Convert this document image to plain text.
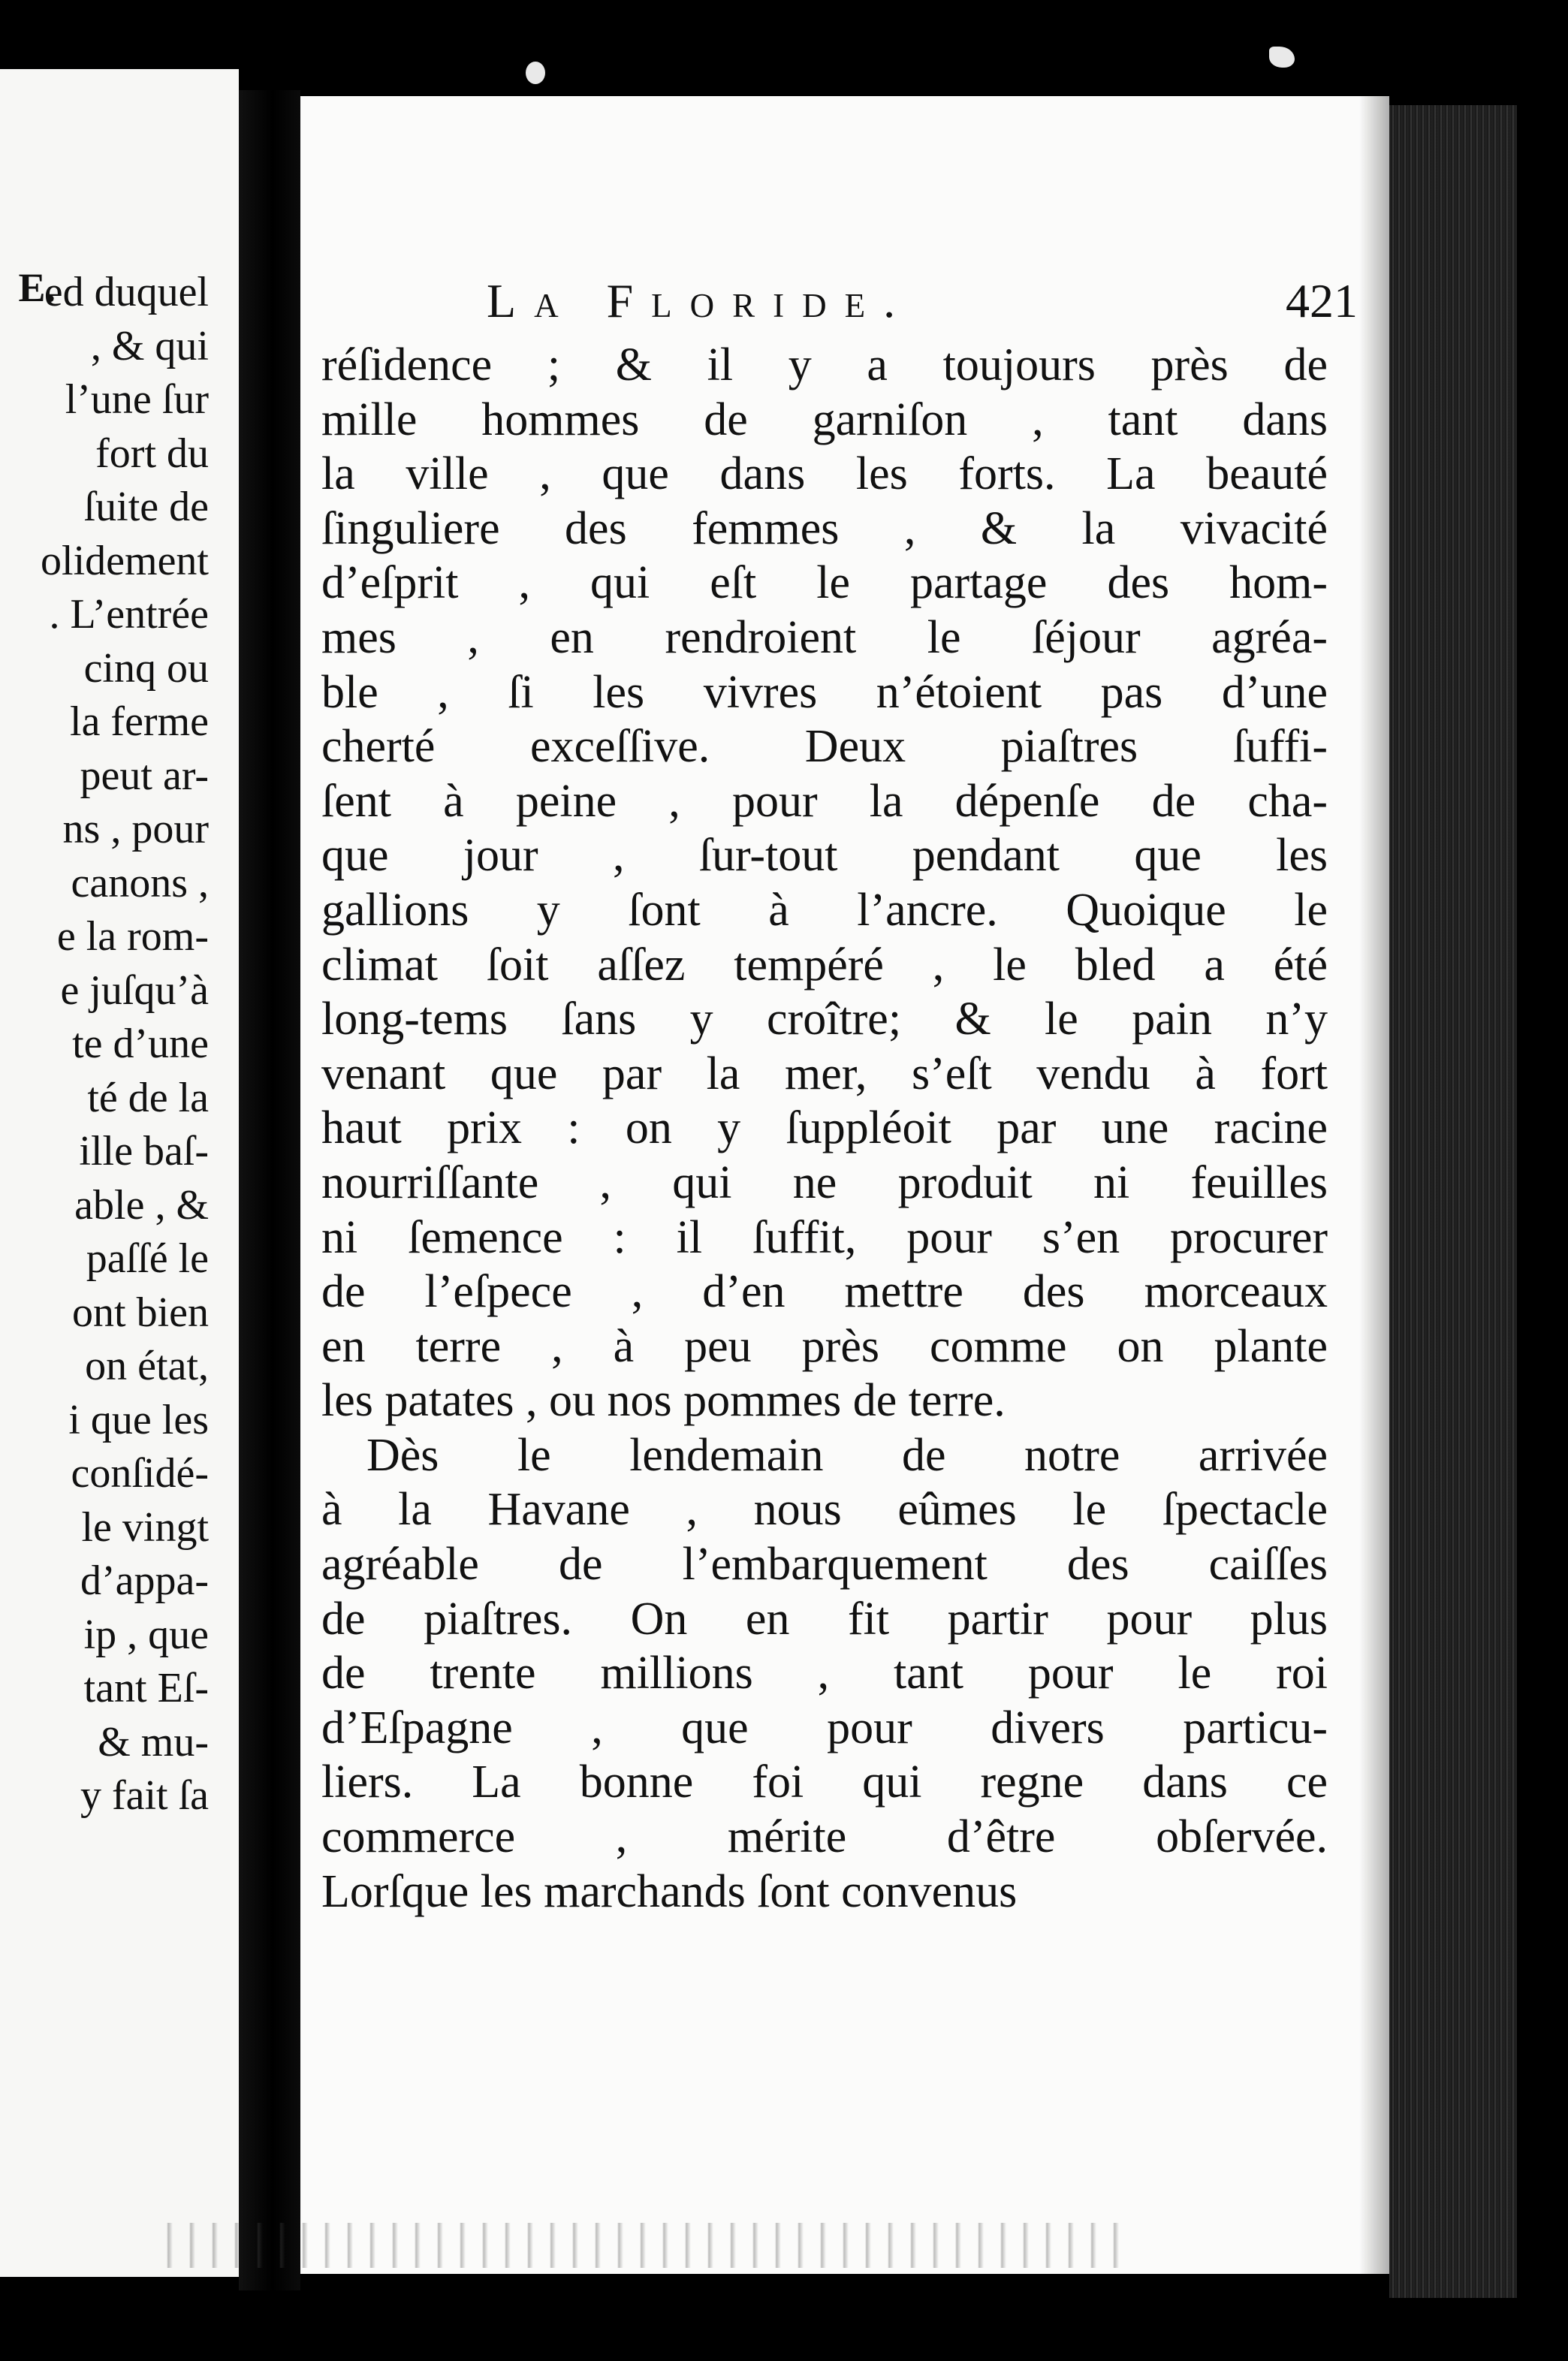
E.
ed duquel
, & qui
l’une ſur
fort du
ſuite de
olidement
. L’entrée
cinq ou
la ferme
peut ar-
ns , pour
canons ,
e la rom-
e juſqu’à
te d’une
té de la
ille baſ-
able , &
paſſé le
ont bien
on état,
i que les
conſidé-
le vingt
d’appa-
ip , que
tant Eſ-
& mu-
y fait ſa
La Floride.	421
réſidence ; & il y a toujours près de
mille hommes de garniſon , tant dans
la ville , que dans les forts. La beauté
ſinguliere des femmes , & la vivacité
d’eſprit , qui eſt le partage des hom-
mes , en rendroient le ſéjour agréa-
ble , ſi les vivres n’étoient pas d’une
cherté exceſſive. Deux piaſtres ſuffi-
ſent à peine , pour la dépenſe de cha-
que jour , ſur-tout pendant que les
gallions y ſont à l’ancre. Quoique le
climat ſoit aſſez tempéré , le bled a été
long-tems ſans y croître; & le pain n’y
venant que par la mer, s’eſt vendu à fort
haut prix : on y ſuppléoit par une racine
nourriſſante , qui ne produit ni feuilles
ni ſemence : il ſuffit, pour s’en procurer
de l’eſpece , d’en mettre des morceaux
en terre , à peu près comme on plante
les patates , ou nos pommes de terre.
Dès le lendemain de notre arrivée
à la Havane , nous eûmes le ſpectacle
agréable de l’embarquement des caiſſes
de piaſtres. On en fit partir pour plus
de trente millions , tant pour le roi
d’Eſpagne , que pour divers particu-
liers. La bonne foi qui regne dans ce
commerce , mérite d’être obſervée.
Lorſque les marchands ſont convenus
